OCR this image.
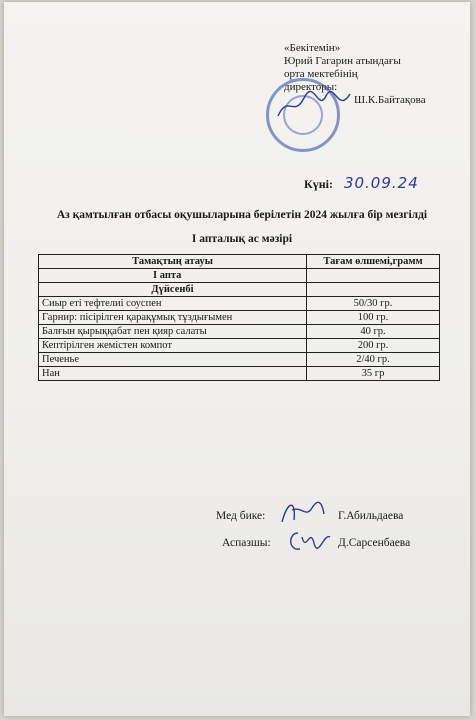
«Бекітемін»
Юрий Гагарин атындағы
орта мектебінің
директоры:
Ш.К.Байтақова
Күні: 30.09.24
Аз қамтылған отбасы оқушыларына берілетін 2024 жылға бір мезгілді
I апталық ас мәзірі
Тамақтың атауы	Тағам өлшемі,грамм
I апта	
Дүйсенбі	
Сиыр еті тефтелиі соуспен	50/30 гр.
Гарнир: пісірілген қарақұмық тұздығымен	100 гр.
Балғын қырыққабат пен қияр салаты	40 гр.
Кептірілген жемістен компот	200 гр.
Печенье	2/40 гр.
Нан	35 гр
Мед бике:	Г.Абильдаева
Аспазшы:	Д.Сарсенбаева
